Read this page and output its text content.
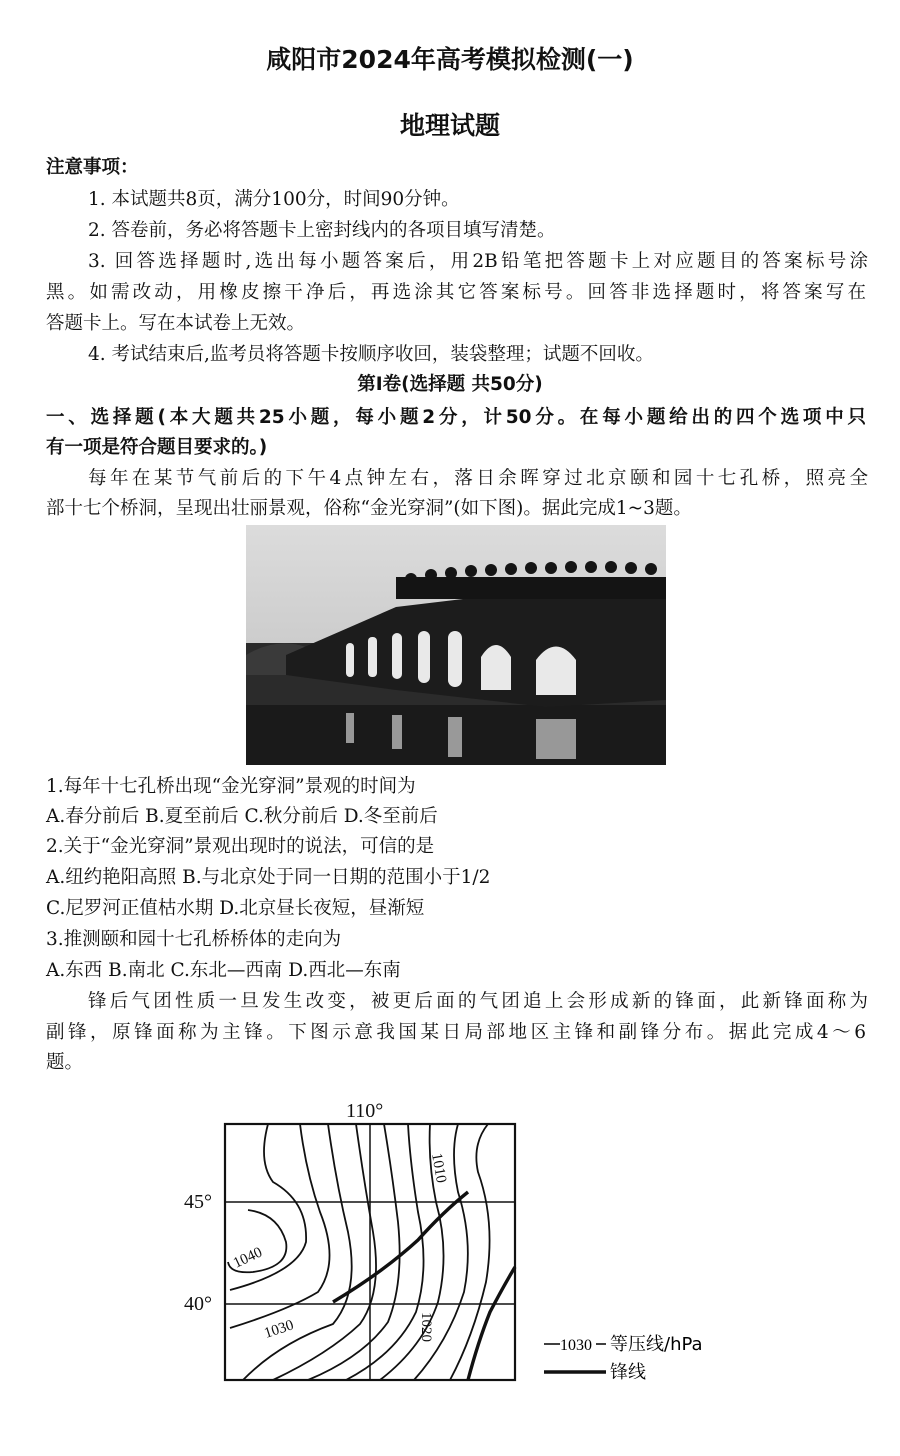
咸阳市2024年高考模拟检测(一)
地理试题
注意事项：
1. 本试题共8页，满分100分，时间90分钟。
2. 答卷前，务必将答题卡上密封线内的各项目填写清楚。
3. 回答选择题时,选出每小题答案后，用2B铅笔把答题卡上对应题目的答案标号涂
黑。如需改动，用橡皮擦干净后，再选涂其它答案标号。回答非选择题时，将答案写在
答题卡上。写在本试卷上无效。
4. 考试结束后,监考员将答题卡按顺序收回，装袋整理；试题不回收。
第Ⅰ卷(选择题 共50分)
一、选择题(本大题共25小题，每小题2分，计50分。在每小题给出的四个选项中只
有一项是符合题目要求的。)
每年在某节气前后的下午4点钟左右，落日余晖穿过北京颐和园十七孔桥，照亮全
部十七个桥洞，呈现出壮丽景观，俗称“金光穿洞”(如下图)。据此完成1~3题。
1.每年十七孔桥出现“金光穿洞”景观的时间为
A.春分前后 B.夏至前后 C.秋分前后 D.冬至前后
2.关于“金光穿洞”景观出现时的说法，可信的是
A.纽约艳阳高照 B.与北京处于同一日期的范围小于1/2
C.尼罗河正值枯水期 D.北京昼长夜短，昼渐短
3.推测颐和园十七孔桥桥体的走向为
A.东西 B.南北 C.东北—西南 D.西北—东南
锋后气团性质一旦发生改变，被更后面的气团追上会形成新的锋面，此新锋面称为
副锋，原锋面称为主锋。下图示意我国某日局部地区主锋和副锋分布。据此完成4～6
题。
110°
45°
40°
1010
1040
1030	1020
1030 等压线/hPa
锋线
